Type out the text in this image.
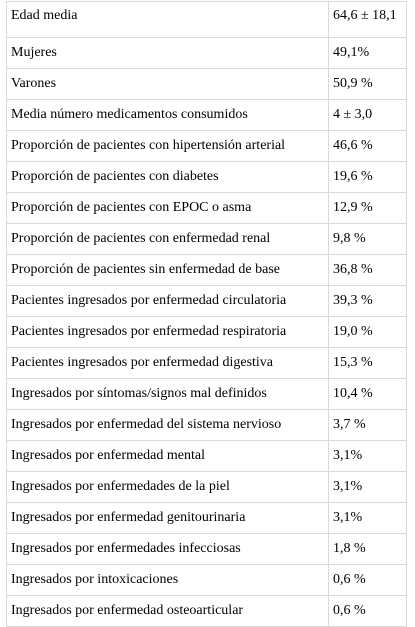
Edad media	64,6 ± 18,1
Mujeres	49,1%
Varones	50,9 %
Media número medicamentos consumidos	4 ± 3,0
Proporción de pacientes con hipertensión arterial	46,6 %
Proporción de pacientes con diabetes	19,6 %
Proporción de pacientes con EPOC o asma	12,9 %
Proporción de pacientes con enfermedad renal	9,8 %
Proporción de pacientes sin enfermedad de base	36,8 %
Pacientes ingresados por enfermedad circulatoria	39,3 %
Pacientes ingresados por enfermedad respiratoria	19,0 %
Pacientes ingresados por enfermedad digestiva	15,3 %
Ingresados por síntomas/signos mal definidos	10,4 %
Ingresados por enfermedad del sistema nervioso	3,7 %
Ingresados por enfermedad mental	3,1%
Ingresados por enfermedades de la piel	3,1%
Ingresados por enfermedad genitourinaria	3,1%
Ingresados por enfermedades infecciosas	1,8 %
Ingresados por intoxicaciones	0,6 %
Ingresados por enfermedad osteoarticular	0,6 %
